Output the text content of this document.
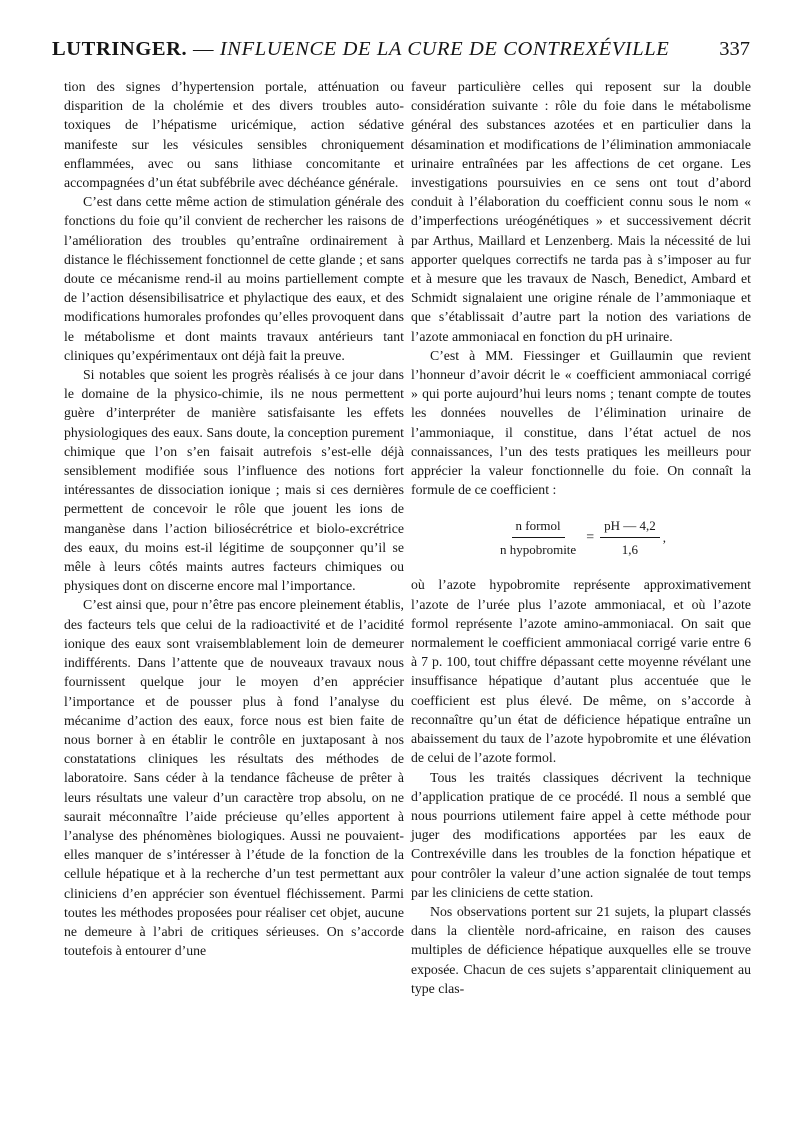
LUTRINGER. — INFLUENCE DE LA CURE DE CONTREXÉVILLE 337

tion des signes d’hypertension portale, atténuation ou disparition de la cholémie et des divers troubles auto-toxiques de l’hépatisme uricémique, action sédative manifeste sur les vésicules sensibles chroniquement enflammées, avec ou sans lithiase concomitante et accompagnées d’un état subfébrile avec déchéance générale.

C’est dans cette même action de stimulation générale des fonctions du foie qu’il convient de rechercher les raisons de l’amélioration des troubles qu’entraîne ordinairement à distance le fléchissement fonctionnel de cette glande ; et sans doute ce mécanisme rend-il au moins partiellement compte de l’action désensibilisatrice et phylactique des eaux, et des modifications humorales profondes qu’elles provoquent dans le métabolisme et dont maints travaux antérieurs tant cliniques qu’expérimentaux ont déjà fait la preuve.

Si notables que soient les progrès réalisés à ce jour dans le domaine de la physico-chimie, ils ne nous permettent guère d’interpréter de manière satisfaisante les effets physiologiques des eaux. Sans doute, la conception purement chimique que l’on s’en faisait autrefois s’est-elle déjà sensiblement modifiée sous l’influence des notions fort intéressantes de dissociation ionique ; mais si ces dernières permettent de concevoir le rôle que jouent les ions de manganèse dans l’action biliosécrétrice et biolo-excrétrice des eaux, du moins est-il légitime de soupçonner qu’il se mêle à leurs côtés maints autres facteurs chimiques ou physiques dont on discerne encore mal l’importance.

C’est ainsi que, pour n’être pas encore pleinement établis, des facteurs tels que celui de la radioactivité et de l’acidité ionique des eaux sont vraisemblablement loin de demeurer indifférents. Dans l’attente que de nouveaux travaux nous fournissent quelque jour le moyen d’en apprécier l’importance et de pousser plus à fond l’analyse du mécanime d’action des eaux, force nous est bien faite de nous borner à en établir le contrôle en juxtaposant à nos constatations cliniques les résultats des méthodes de laboratoire. Sans céder à la tendance fâcheuse de prêter à leurs résultats une valeur d’un caractère trop absolu, on ne saurait méconnaître l’aide précieuse qu’elles apportent à l’analyse des phénomènes biologiques. Aussi ne pouvaient-elles manquer de s’intéresser à l’étude de la fonction de la cellule hépatique et à la recherche d’un test permettant aux cliniciens d’en apprécier son éventuel fléchissement. Parmi toutes les méthodes proposées pour réaliser cet objet, aucune ne demeure à l’abri de critiques sérieuses. On s’accorde toutefois à entourer d’une

faveur particulière celles qui reposent sur la double considération suivante : rôle du foie dans le métabolisme général des substances azotées et en particulier dans la désamination et modifications de l’élimination ammoniacale urinaire entraînées par les affections de cet organe. Les investigations poursuivies en ce sens ont tout d’abord conduit à l’élaboration du coefficient connu sous le nom « d’imperfections uréogénétiques » et successivement décrit par Arthus, Maillard et Lenzenberg. Mais la nécessité de lui apporter quelques correctifs ne tarda pas à s’imposer au fur et à mesure que les travaux de Nasch, Benedict, Ambard et Schmidt signalaient une origine rénale de l’ammoniaque et que s’établissait d’autre part la notion des variations de l’azote ammoniacal en fonction du pH urinaire.

C’est à MM. Fiessinger et Guillaumin que revient l’honneur d’avoir décrit le « coefficient ammoniacal corrigé » qui porte aujourd’hui leurs noms ; tenant compte de toutes les données nouvelles de l’élimination urinaire de l’ammoniaque, il constitue, dans l’état actuel de nos connaissances, l’un des tests pratiques les meilleurs pour apprécier la valeur fonctionnelle du foie. On connaît la formule de ce coefficient :

$\frac{\text{n formol}}{\text{n hypobromite}} = \frac{pH — 4,2}{1,6}$ ,

où l’azote hypobromite représente approximativement l’azote de l’urée plus l’azote ammoniacal, et où l’azote formol représente l’azote amino-ammoniacal. On sait que normalement le coefficient ammoniacal corrigé varie entre 6 à 7 p. 100, tout chiffre dépassant cette moyenne révélant une insuffisance hépatique d’autant plus accentuée que le coefficient est plus élevé. De même, on s’accorde à reconnaître qu’un état de déficience hépatique entraîne un abaissement du taux de l’azote hypobromite et une élévation de celui de l’azote formol.

Tous les traités classiques décrivent la technique d’application pratique de ce procédé. Il nous a semblé que nous pourrions utilement faire appel à cette méthode pour juger des modifications apportées par les eaux de Contrexéville dans les troubles de la fonction hépatique et pour contrôler la valeur d’une action signalée de tout temps par les cliniciens de cette station.

Nos observations portent sur 21 sujets, la plupart classés dans la clientèle nord-africaine, en raison des causes multiples de déficience hépatique auxquelles elle se trouve exposée. Chacun de ces sujets s’apparentait cliniquement au type clas-
